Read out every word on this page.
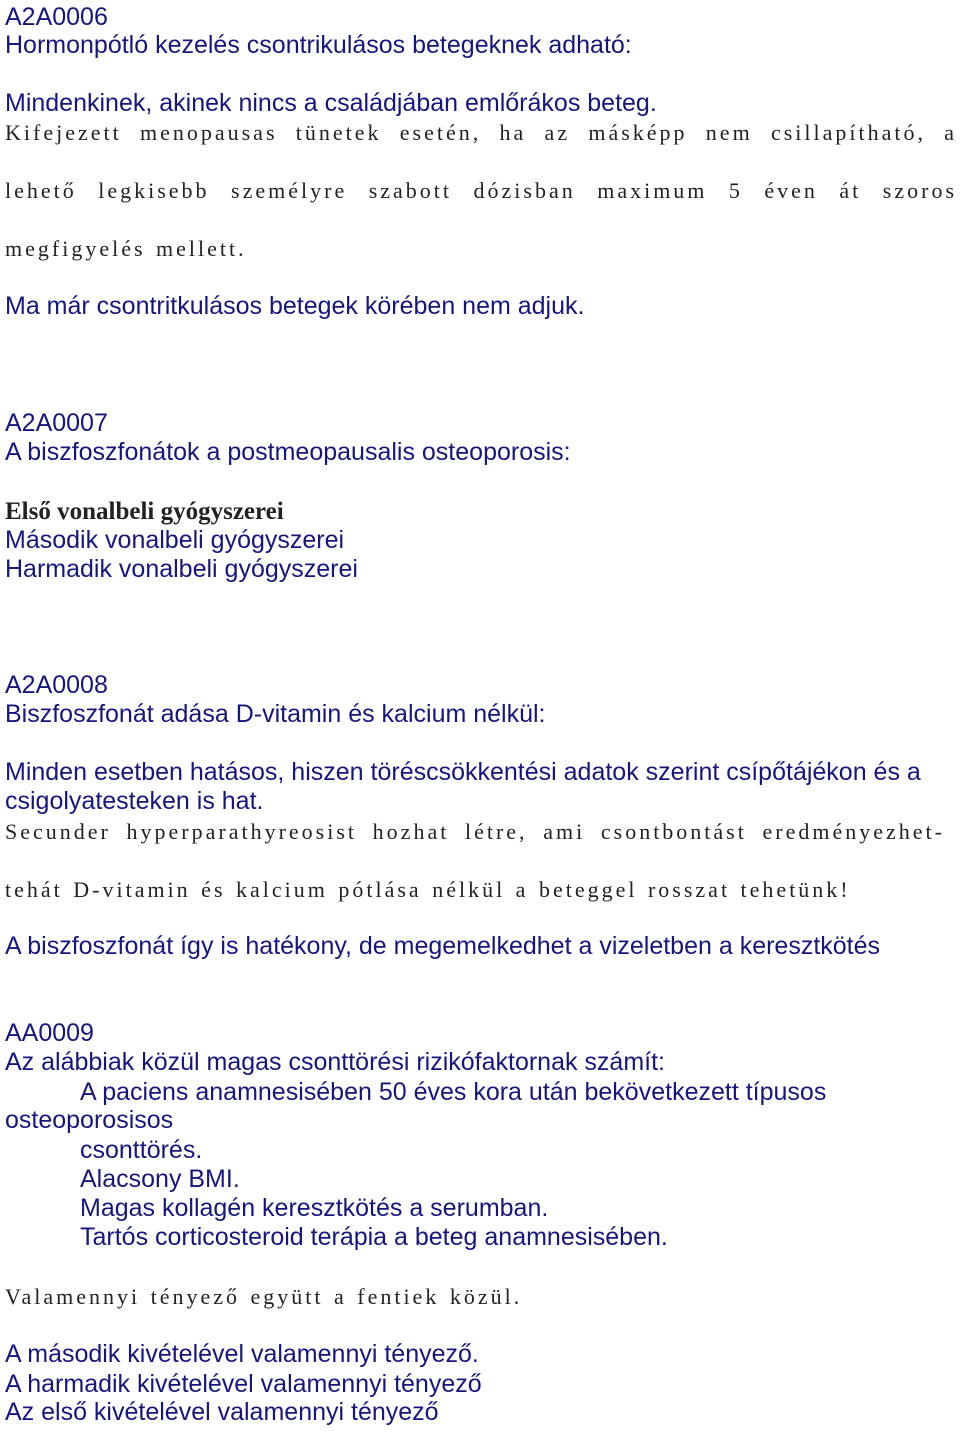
A2A0006
Hormonpótló kezelés csontrikulásos betegeknek adható:
Mindenkinek, akinek nincs a családjában emlőrákos beteg.
Kifejezett menopausas tünetek esetén, ha az másképp nem csillapítható, a
lehető legkisebb személyre szabott dózisban maximum 5 éven át szoros
megfigyelés mellett.
Ma már csontritkulásos betegek körében nem adjuk.
A2A0007
A biszfoszfonátok a postmeopausalis osteoporosis:
Első vonalbeli gyógyszerei
Második vonalbeli gyógyszerei
Harmadik vonalbeli gyógyszerei
A2A0008
Biszfoszfonát adása D-vitamin és kalcium nélkül:
Minden esetben hatásos, hiszen töréscsökkentési adatok szerint csípőtájékon és a
csigolyatesteken is hat.
Secunder hyperparathyreosist hozhat létre, ami csontbontást eredményezhet-
tehát D-vitamin és kalcium pótlása nélkül a beteggel rosszat tehetünk!
A biszfoszfonát így is hatékony, de megemelkedhet a vizeletben a keresztkötés
AA0009
Az alábbiak közül magas csonttörési rizikófaktornak számít:
A paciens anamnesisében 50 éves kora után bekövetkezett típusos
osteoporosisos
csonttörés.
Alacsony BMI.
Magas kollagén keresztkötés a serumban.
Tartós corticosteroid terápia a beteg anamnesisében.
Valamennyi tényező együtt a fentiek közül.
A második kivételével valamennyi tényező.
A harmadik kivételével valamennyi tényező
Az első kivételével valamennyi tényező
